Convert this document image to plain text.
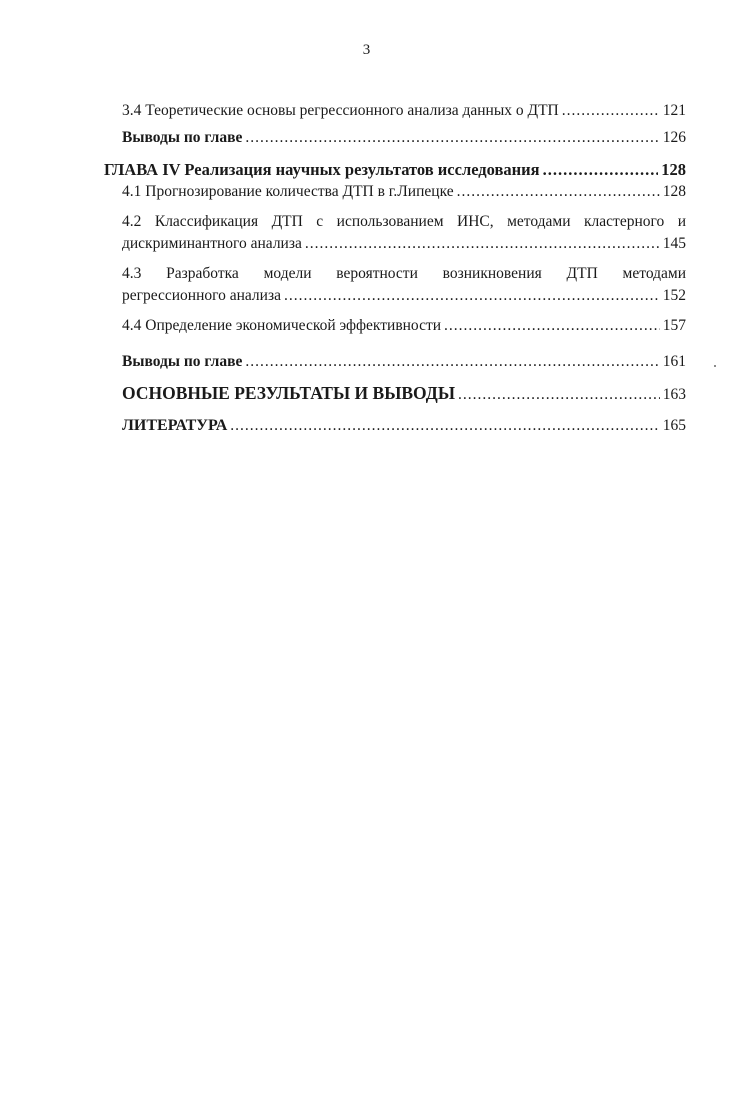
3
3.4 Теоретические основы регрессионного анализа данных о ДТП .....	121
Выводы по главе .....	126
ГЛАВА IV Реализация научных результатов исследования .....	128
4.1 Прогнозирование количества ДТП в г.Липецке .....	128
4.2 Классификация ДТП с использованием ИНС, методами кластерного и
дискриминантного анализа .....	145
4.3 Разработка модели вероятности возникновения ДТП методами
регрессионного анализа .....	152
4.4 Определение экономической эффективности .....	157
Выводы по главе .....	161
ОСНОВНЫЕ РЕЗУЛЬТАТЫ И ВЫВОДЫ .....	163
ЛИТЕРАТУРА .....	165
